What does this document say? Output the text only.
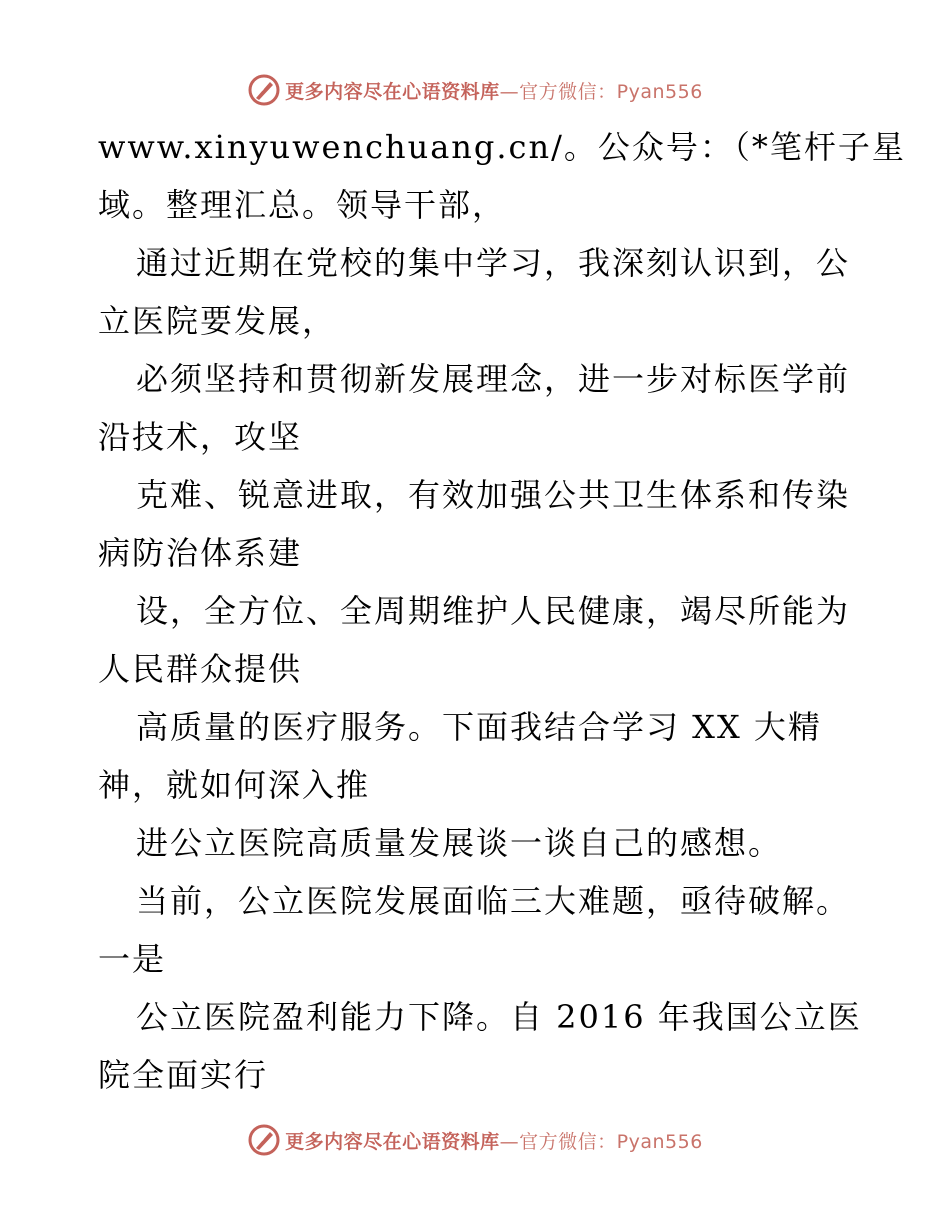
更多内容尽在心语资料库—官方微信：Pyan556
www.xinyuwenchuang.cn/。公众号：（*笔杆子星
域。整理汇总。领导干部，
通过近期在党校的集中学习，我深刻认识到，公
立医院要发展，
必须坚持和贯彻新发展理念，进一步对标医学前
沿技术，攻坚
克难、锐意进取，有效加强公共卫生体系和传染
病防治体系建
设，全方位、全周期维护人民健康，竭尽所能为
人民群众提供
高质量的医疗服务。下面我结合学习 XX 大精
神，就如何深入推
进公立医院高质量发展谈一谈自己的感想。
当前，公立医院发展面临三大难题，亟待破解。
一是
公立医院盈利能力下降。自 2016 年我国公立医
院全面实行
更多内容尽在心语资料库—官方微信：Pyan556
